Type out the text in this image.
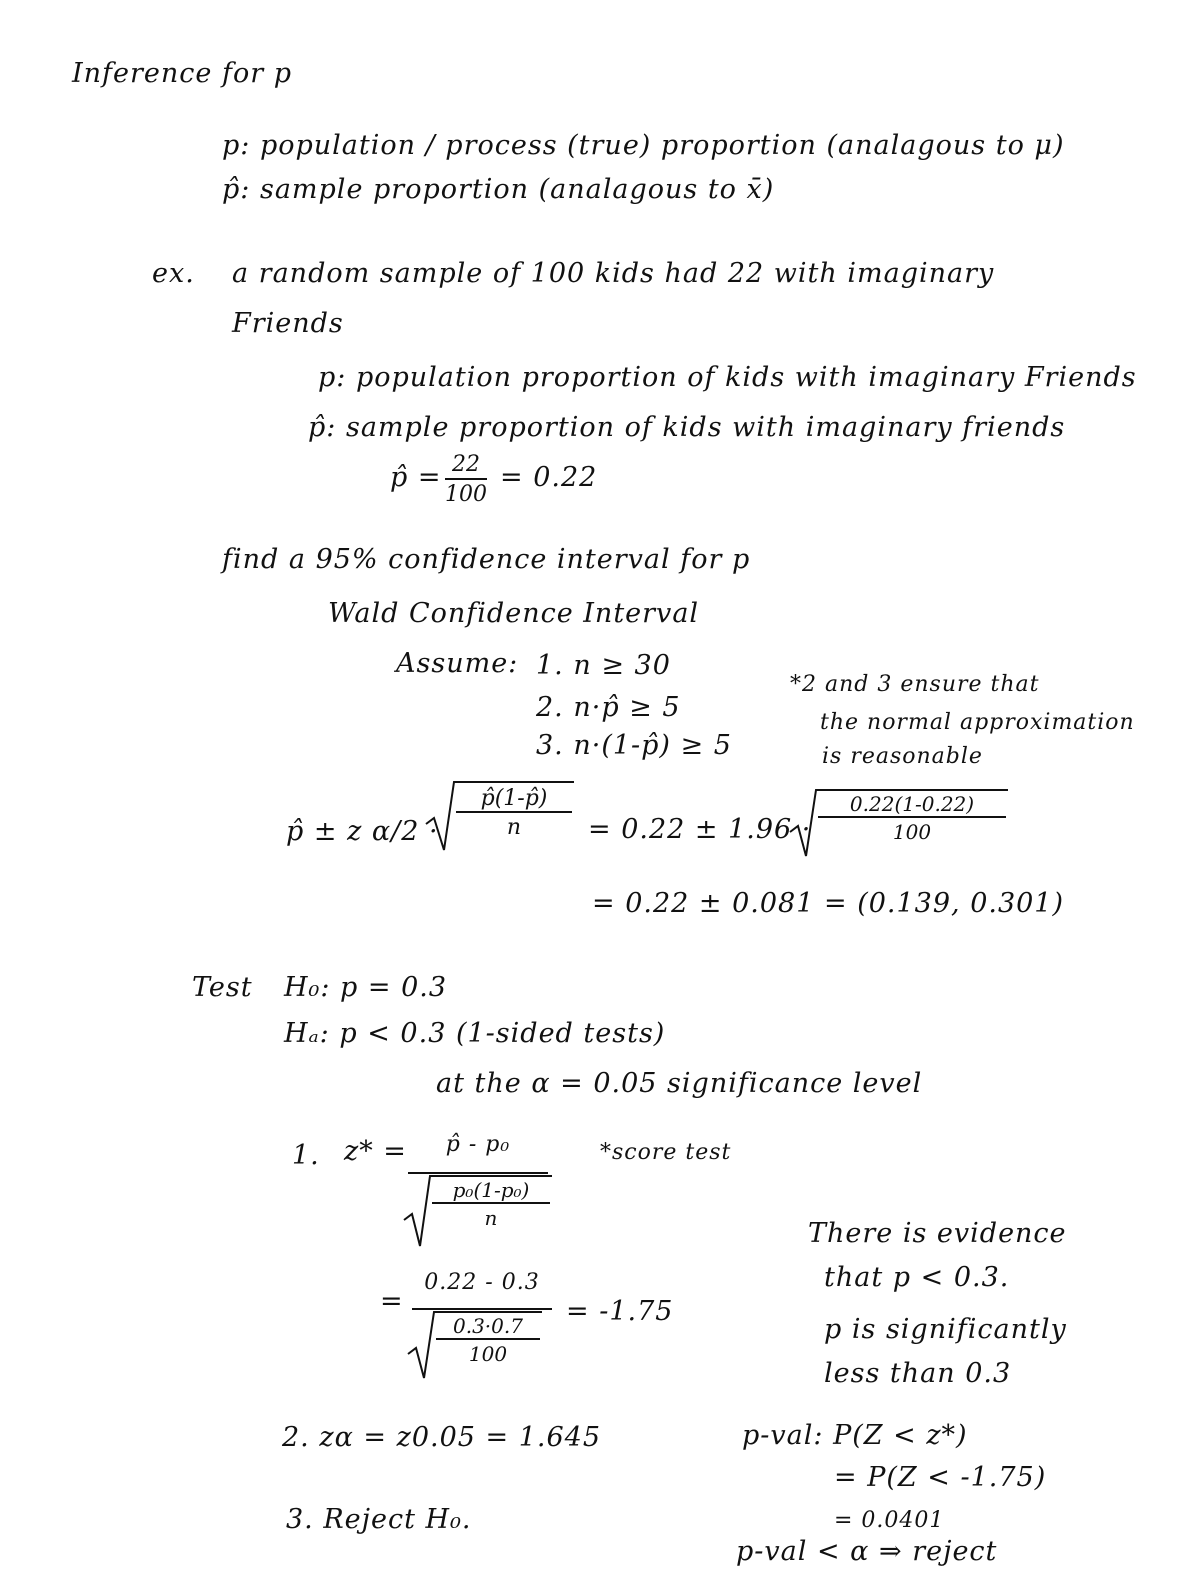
Inference for p
p: population / process (true) proportion (analagous to μ)
p̂: sample proportion (analagous to x̄)
ex. a random sample of 100 kids had 22 with imaginary
Friends
p: population proportion of kids with imaginary Friends
p̂: sample proportion of kids with imaginary friends
p̂ = $\frac{22}{100} = 0.22$
find a 95% confidence interval for p
Wald Confidence Interval
Assume: 1. n ≥ 30
2. n·p̂ ≥ 5
3. n·(1-p̂) ≥ 5
*2 and 3 ensure that
the normal approximation
is reasonable
p̂ ± z $\alpha/2 \cdot \frac{p̂(1-p̂)}{n} = 0.22 \pm 1.96 \cdot \frac{0.22(1-0.22)}{100}$
= 0.22 ± 0.081 = (0.139, 0.301)
Test H₀: p = 0.3
Hₐ: p < 0.3 (1-sided tests)
at the α = 0.05 significance level
1. z* =	p̂ - p₀
$\frac{\text{p₀(1-p₀)}}{n}$
*score test
=
0.22 - 0.3
$\frac{0.3\cdot 0.7}{100}$
= -1.75
There is evidence
that p < 0.3.
p is significantly
less than 0.3
2. zα = z0.05 = 1.645
3. Reject H₀.
p-val: P(Z < z*)
= P(Z < -1.75)
= 0.0401
p-val < α ⇒ reject
